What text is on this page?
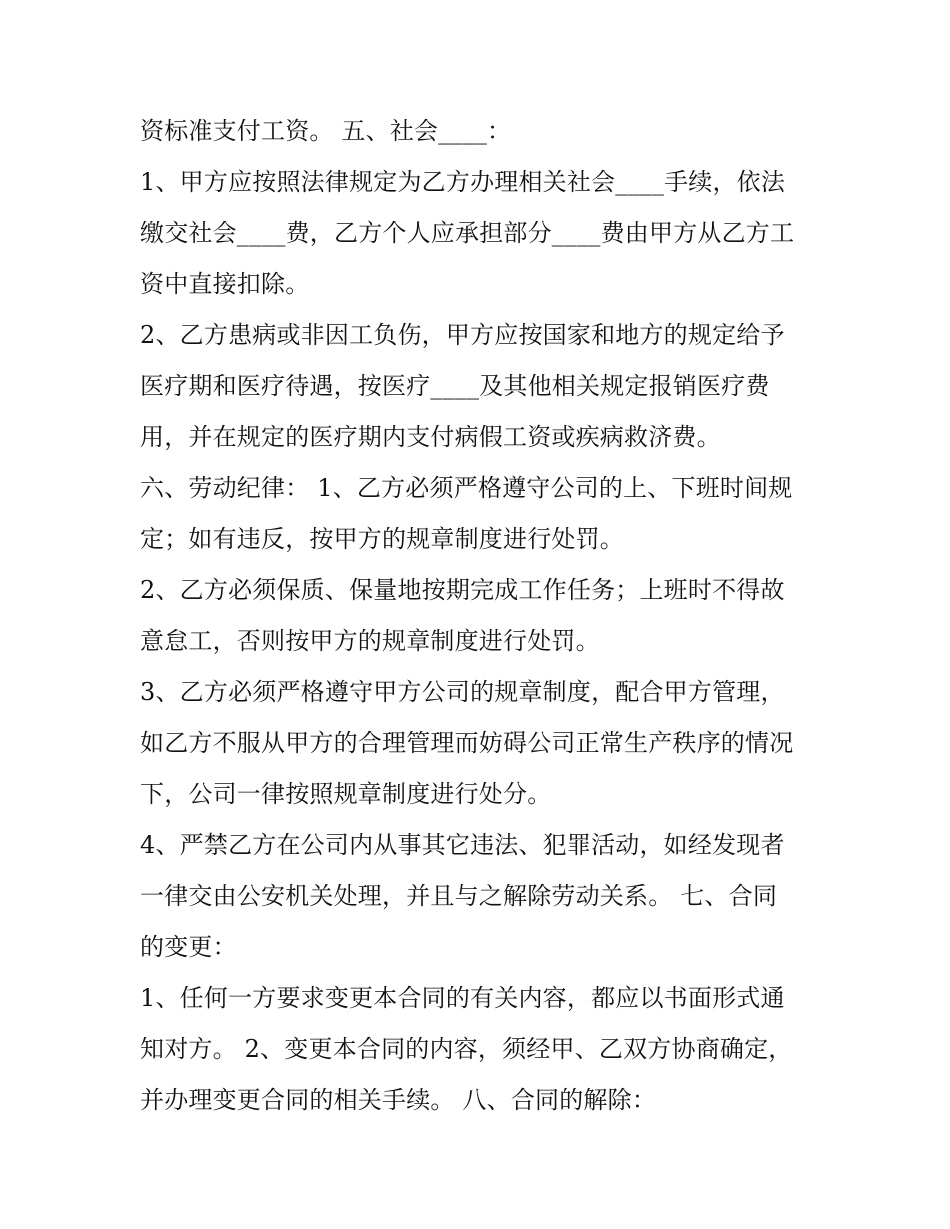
资标准支付工资。 五、社会____：
1、甲方应按照法律规定为乙方办理相关社会____手续，依法
缴交社会____费，乙方个人应承担部分____费由甲方从乙方工
资中直接扣除。
2、乙方患病或非因工负伤，甲方应按国家和地方的规定给予
医疗期和医疗待遇，按医疗____及其他相关规定报销医疗费
用，并在规定的医疗期内支付病假工资或疾病救济费。
六、劳动纪律： 1、乙方必须严格遵守公司的上、下班时间规
定；如有违反，按甲方的规章制度进行处罚。
2、乙方必须保质、保量地按期完成工作任务；上班时不得故
意怠工，否则按甲方的规章制度进行处罚。
3、乙方必须严格遵守甲方公司的规章制度，配合甲方管理，
如乙方不服从甲方的合理管理而妨碍公司正常生产秩序的情况
下，公司一律按照规章制度进行处分。
4、严禁乙方在公司内从事其它违法、犯罪活动，如经发现者
一律交由公安机关处理，并且与之解除劳动关系。 七、合同
的变更：
1、任何一方要求变更本合同的有关内容，都应以书面形式通
知对方。 2、变更本合同的内容，须经甲、乙双方协商确定，
并办理变更合同的相关手续。 八、合同的解除：
